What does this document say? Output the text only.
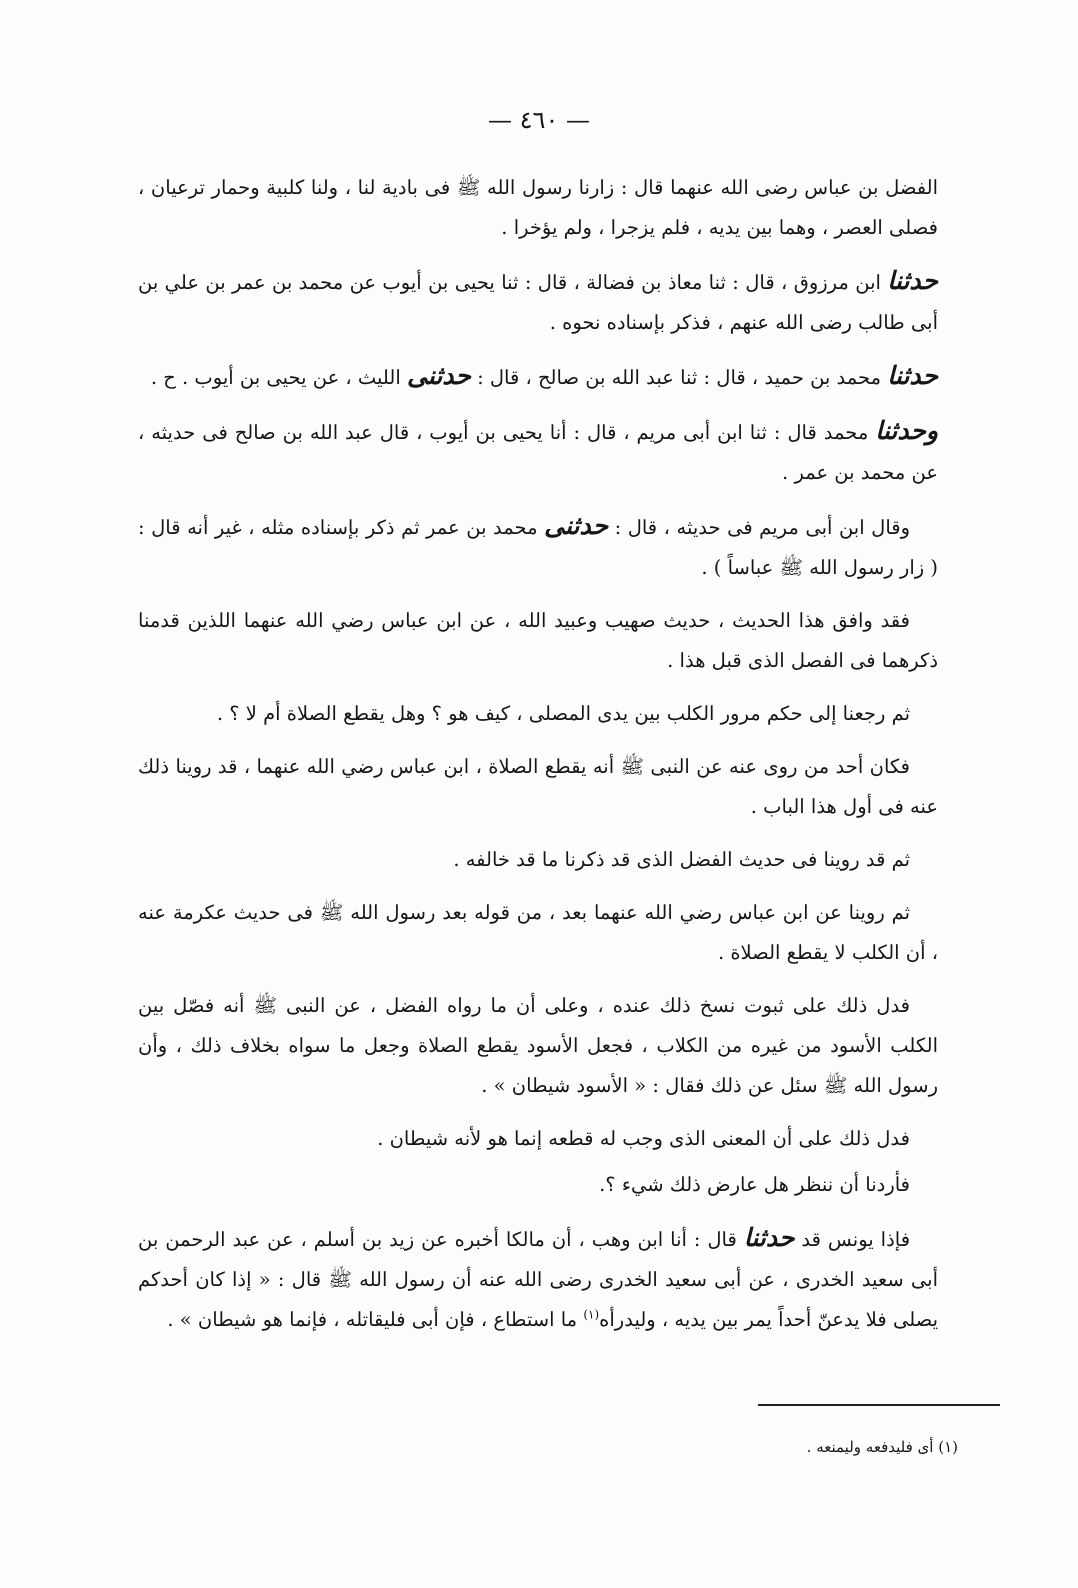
— ٤٦٠ —

الفضل بن عباس رضى الله عنهما قال : زارنا رسول الله ﷺ فى بادية لنا ، ولنا كلبية وحمار ترعيان ، فصلى العصر ، وهما بين يديه ، فلم يزجرا ، ولم يؤخرا .

حدثنا ابن مرزوق ، قال : ثنا معاذ بن فضالة ، قال : ثنا يحيى بن أيوب عن محمد بن عمر بن علي بن أبى طالب رضى الله عنهم ، فذكر بإسناده نحوه .

حدثنا محمد بن حميد ، قال : ثنا عبد الله بن صالح ، قال : حدثنى الليث ، عن يحيى بن أيوب . ح .

وحدثنا محمد قال : ثنا ابن أبى مريم ، قال : أنا يحيى بن أيوب ، قال عبد الله بن صالح فى حديثه ، عن محمد بن عمر .

وقال ابن أبى مريم فى حديثه ، قال : حدثنى محمد بن عمر ثم ذكر بإسناده مثله ، غير أنه قال : ( زار رسول الله ﷺ عباساً ) .

فقد وافق هذا الحديث ، حديث صهيب وعبيد الله ، عن ابن عباس رضي الله عنهما اللذين قدمنا ذكرهما فى الفصل الذى قبل هذا .

ثم رجعنا إلى حكم مرور الكلب بين يدى المصلى ، كيف هو ؟ وهل يقطع الصلاة أم لا ؟ .

فكان أحد من روى عنه عن النبى ﷺ أنه يقطع الصلاة ، ابن عباس رضي الله عنهما ، قد روينا ذلك عنه فى أول هذا الباب .

ثم قد روينا فى حديث الفضل الذى قد ذكرنا ما قد خالفه .

ثم روينا عن ابن عباس رضي الله عنهما بعد ، من قوله بعد رسول الله ﷺ فى حديث عكرمة عنه ، أن الكلب لا يقطع الصلاة .

فدل ذلك على ثبوت نسخ ذلك عنده ، وعلى أن ما رواه الفضل ، عن النبى ﷺ أنه فصّل بين الكلب الأسود من غيره من الكلاب ، فجعل الأسود يقطع الصلاة وجعل ما سواه بخلاف ذلك ، وأن رسول الله ﷺ سئل عن ذلك فقال : « الأسود شيطان » .

فدل ذلك على أن المعنى الذى وجب له قطعه إنما هو لأنه شيطان .

فأردنا أن ننظر هل عارض ذلك شيء ؟.

فإذا يونس قد حدثنا قال : أنا ابن وهب ، أن مالكا أخبره عن زيد بن أسلم ، عن عبد الرحمن بن أبى سعيد الخدرى ، عن أبى سعيد الخدرى رضى الله عنه أن رسول الله ﷺ قال : « إذا كان أحدكم يصلى فلا يدعنّ أحداً يمر بين يديه ، وليدرأه$^{(١)}$ ما استطاع ، فإن أبى فليقاتله ، فإنما هو شيطان » .

(١) أى فليدفعه وليمنعه .
